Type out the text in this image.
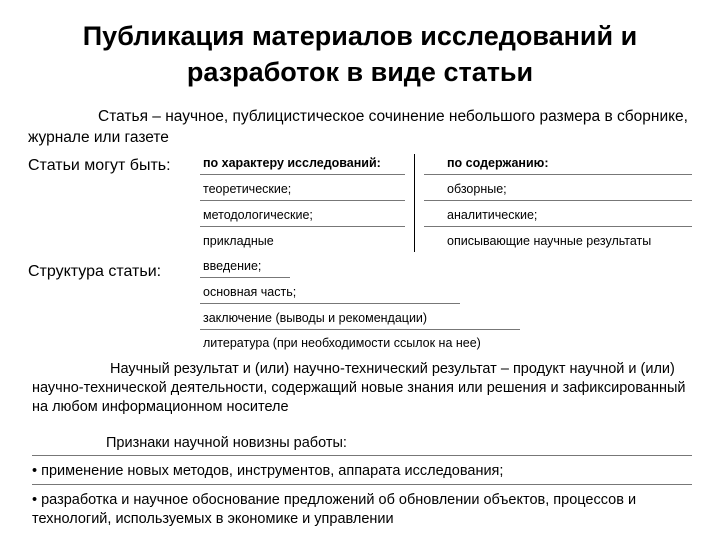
Публикация материалов исследований и
разработок в виде статьи
Статья – научное, публицистическое сочинение небольшого размера в сборнике, журнале или газете
Статьи могут быть:	по характеру исследований:	по содержанию:
теоретические;	обзорные;
методологические;	аналитические;
прикладные	описывающие научные результаты
Структура статьи:	введение;
основная часть;
заключение (выводы и рекомендации)
литература (при необходимости ссылок на нее)
Научный результат и (или) научно-технический результат – продукт научной и (или) научно-технической деятельности, содержащий новые знания или решения и зафиксированный на любом информационном носителе
Признаки научной новизны работы:
• применение новых методов, инструментов, аппарата исследования;
• разработка и научное обоснование предложений об обновлении объектов, процессов и технологий, используемых в экономике и управлении
